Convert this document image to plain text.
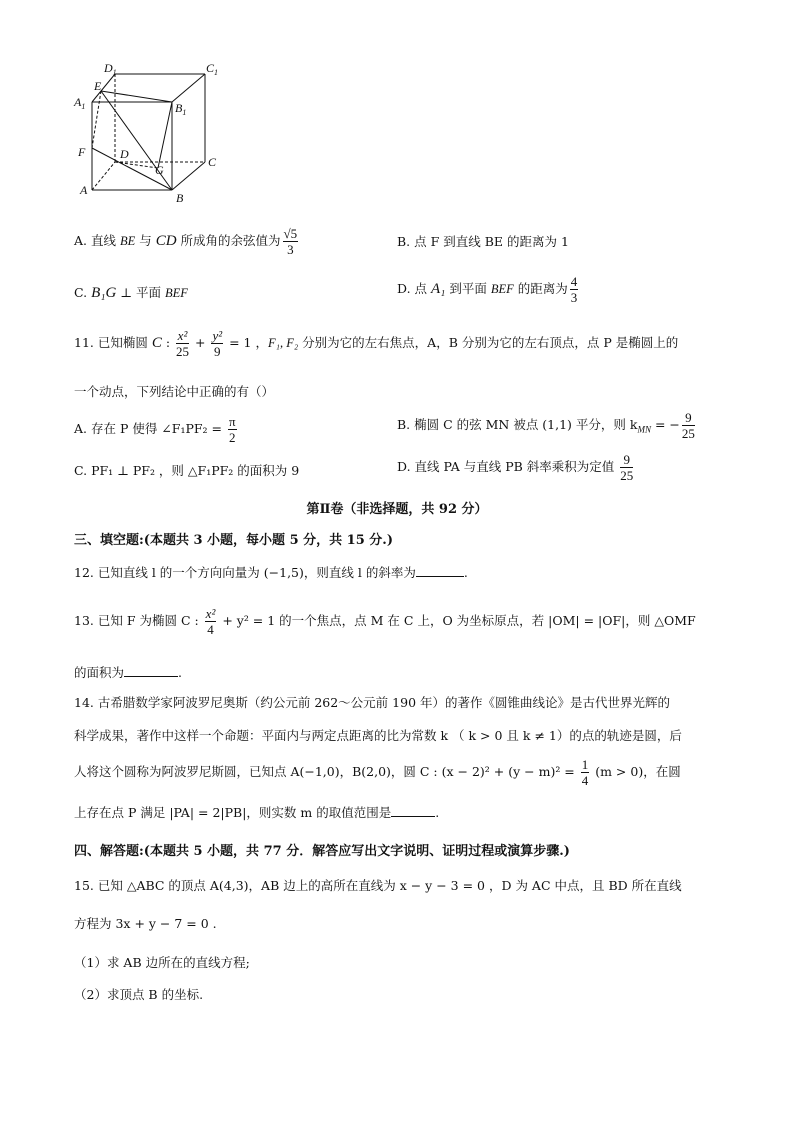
$D_1$	$C_1$
E
$A_1$	$B_1$
F	D
C
G
A
B
A. 直线 BE 与 CD 所成角的余弦值为 $\frac{√5}{3}$	B. 点 F 到直线 BE 的距离为 1
C. B₁G ⊥ 平面 BEF	D. 点 A₁ 到平面 BEF 的距离为 $\frac{4}{3}$
11. 已知椭圆 C : $\frac{\text{x²}}{25} + \frac{\text{y²}}{9} = 1$ ，F₁, F₂ 分别为它的左右焦点，A，B 分别为它的左右顶点，点 P 是椭圆上的
一个动点，下列结论中正确的有（）
A. 存在 P 使得 ∠F₁PF₂ = $\frac{\pi}{2}$	B. 椭圆 C 的弦 MN 被点 (1,1) 平分，则 $k_{MN}$ = − $\frac{9}{25}$
C. PF₁ ⊥ PF₂ ，则 △F₁PF₂ 的面积为 9	D. 直线 PA 与直线 PB 斜率乘积为定值 $\frac{9}{25}$
第Ⅱ卷（非选择题，共 92 分）
三、填空题:(本题共 3 小题，每小题 5 分，共 15 分.)
12. 已知直线 l 的一个方向向量为 (−1,5)，则直线 l 的斜率为	.
13. 已知 F 为椭圆 C : $\frac{\text{x²}}{4} + y^2 = 1$ 的一个焦点，点 M 在 C 上，O 为坐标原点，若 |OM| = |OF|，则 △OMF
的面积为	.
14. 古希腊数学家阿波罗尼奥斯（约公元前 262～公元前 190 年）的著作《圆锥曲线论》是古代世界光辉的
科学成果，著作中这样一个命题：平面内与两定点距离的比为常数 k （ k > 0 且 k ≠ 1）的点的轨迹是圆，后
人将这个圆称为阿波罗尼斯圆，已知点 A(−1,0)，B(2,0)，圆 C : $(x - 2)^2 + (y - m)^2 = \frac{1}{4} (m > 0)$，在圆
上存在点 P 满足 |PA| = 2|PB|，则实数 m 的取值范围是	.
四、解答题:(本题共 5 小题，共 77 分．解答应写出文字说明、证明过程或演算步骤.)
15. 已知 △ABC 的顶点 A(4,3)，AB 边上的高所在直线为 x − y − 3 = 0 ，D 为 AC 中点，且 BD 所在直线
方程为 3x + y − 7 = 0 .
（1）求 AB 边所在的直线方程;
（2）求顶点 B 的坐标.
